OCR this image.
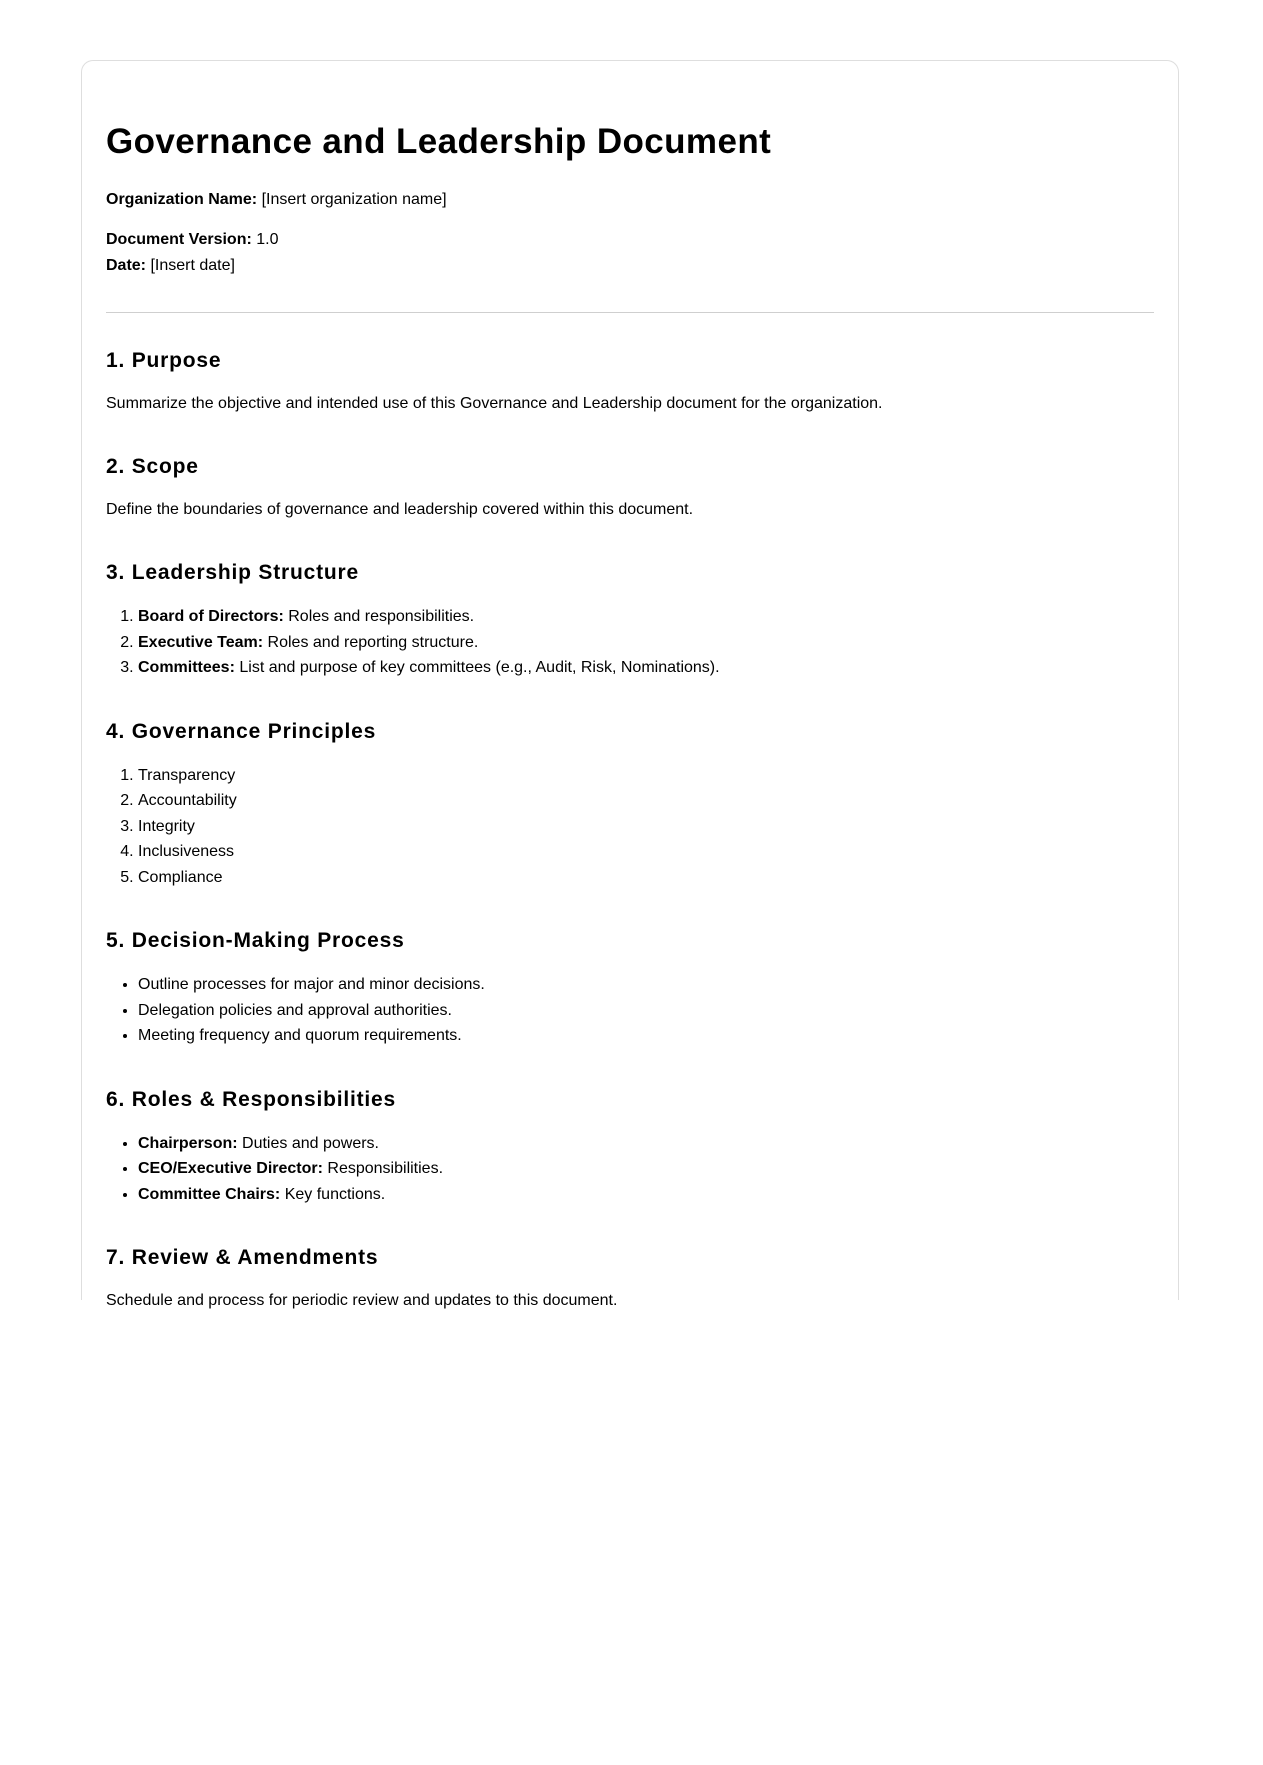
Governance and Leadership Document

Organization Name: [Insert organization name]

Document Version: 1.0

Date: [Insert date]

1. Purpose

Summarize the objective and intended use of this Governance and Leadership document for the organization.

2. Scope

Define the boundaries of governance and leadership covered within this document.

3. Leadership Structure
1. Board of Directors: Roles and responsibilities.
2. Executive Team: Roles and reporting structure.
3. Committees: List and purpose of key committees (e.g., Audit, Risk, Nominations).
4. Governance Principles
1. Transparency
2. Accountability
3. Integrity
4. Inclusiveness
5. Compliance
5. Decision-Making Process
• Outline processes for major and minor decisions.
• Delegation policies and approval authorities.
• Meeting frequency and quorum requirements.
6. Roles & Responsibilities
• Chairperson: Duties and powers.
• CEO/Executive Director: Responsibilities.
• Committee Chairs: Key functions.
7. Review & Amendments

Schedule and process for periodic review and updates to this document.
